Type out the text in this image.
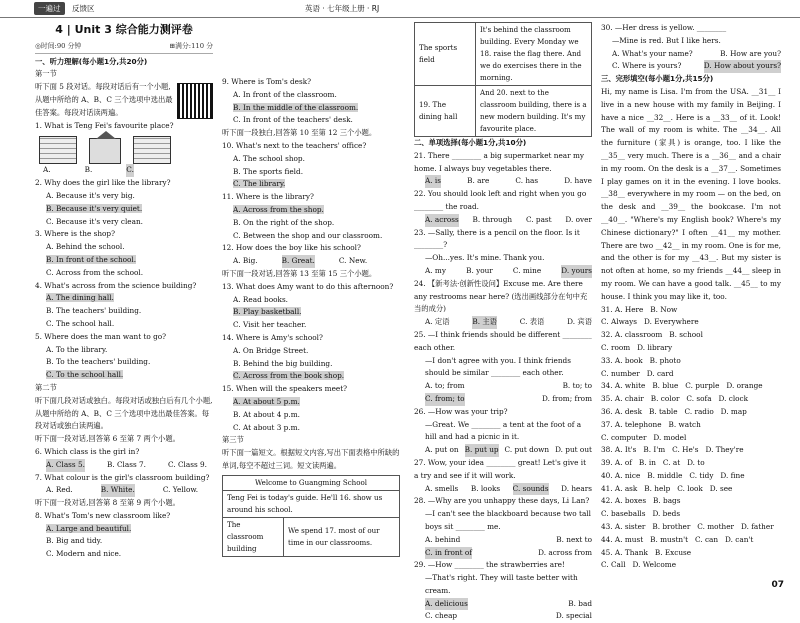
一遍过	反馈区	英语 · 七年级上册 · RJ
4 | Unit 3 综合能力测评卷
◎时间:90 分钟	⊞满分:110 分
一、听力理解(每小题1分,共20分)
第一节
听下面 5 段对话。每段对话后有一个小题,从题中所给的 A、B、C 三个选项中选出最佳答案。每段对话读两遍。
1. What is Teng Fei's favourite place?
A.	B.	C.
2. Why does the girl like the library?
A. Because it's very big.
B. Because it's very quiet.
C. Because it's very clean.
3. Where is the shop?
A. Behind the school.
B. In front of the school.
C. Across from the school.
4. What's across from the science building?
A. The dining hall.
B. The teachers' building.
C. The school hall.
5. Where does the man want to go?
A. To the library.
B. To the teachers' building.
C. To the school hall.
第二节
听下面几段对话或独白。每段对话或独白后有几个小题,从题中所给的 A、B、C 三个选项中选出最佳答案。每段对话或独白读两遍。
听下面一段对话,回答第 6 至第 7 两个小题。
6. Which class is the girl in?
A. Class 5.	B. Class 7.	C. Class 9.
7. What colour is the girl's classroom building?
A. Red.	B. White.	C. Yellow.
听下面一段对话,回答第 8 至第 9 两个小题。
8. What's Tom's new classroom like?
A. Large and beautiful.
B. Big and tidy.
C. Modern and nice.
9. Where is Tom's desk?
A. In front of the classroom.
B. In the middle of the classroom.
C. In front of the teachers' desk.
听下面一段独白,回答第 10 至第 12 三个小题。
10. What's next to the teachers' office?
A. The school shop.
B. The sports field.
C. The library.
11. Where is the library?
A. Across from the shop.
B. On the right of the shop.
C. Between the shop and our classroom.
12. How does the boy like his school?
A. Big.	B. Great.	C. New.
听下面一段对话,回答第 13 至第 15 三个小题。
13. What does Amy want to do this afternoon?
A. Read books.
B. Play basketball.
C. Visit her teacher.
14. Where is Amy's school?
A. On Bridge Street.
B. Behind the big building.
C. Across from the book shop.
15. When will the speakers meet?
A. At about 5 p.m.
B. At about 4 p.m.
C. At about 3 p.m.
第三节
听下面一篇短文。根据短文内容,写出下面表格中所缺的单词,每空不超过三词。短文读两遍。
Welcome to Guangming School
Teng Fei is today's guide. He'll 16. show us around his school.
The classroom building	We spend 17. most of our time in our classrooms.
The sports field	It's behind the classroom building. Every Monday we 18. raise the flag there. And we do exercises there in the morning.
19. The dining hall	And 20. next to the classroom building, there is a new modern building. It's my favourite place.
二、单项选择(每小题1分,共10分)
21. There ________ a big supermarket near my home. I always buy vegetables there.
A. is	B. are	C. has	D. have
22. You should look left and right when you go ________ the road.
A. across B. through C. past D. over
23. —Sally, there is a pencil on the floor. Is it ________?
—Oh...yes. It's mine. Thank you.
A. my	B. your	C. mine	D. yours
24. 【新考法·创新性设问】Excuse me. Are there any restrooms near here? (选出画线部分在句中充当的成分)
A. 定语	B. 主语	C. 表语	D. 宾语
25. —I think friends should be different ________ each other.
—I don't agree with you. I think friends should be similar ________ each other.
A. to; from	B. to; to
C. from; to	D. from; from
26. —How was your trip?
—Great. We ________ a tent at the foot of a hill and had a picnic in it.
A. put on B. put up C. put down D. put out
27. Wow, your idea ________ great! Let's give it a try and see if it will work.
A. smells B. looks C. sounds D. hears
28. —Why are you unhappy these days, Li Lan?
—I can't see the blackboard because two tall boys sit ________ me.
A. behind	B. next to
C. in front of	D. across from
29. —How ________ the strawberries are!
—That's right. They will taste better with cream.
A. delicious	B. bad
C. cheap	D. special
30. —Her dress is yellow. ________
—Mine is red. But I like hers.
A. What's your name?	B. How are you?
C. Where is yours?	D. How about yours?
三、完形填空(每小题1分,共15分)
Hi, my name is Lisa. I'm from the USA. __31__ I live in a new house with my family in Beijing. I have a nice __32__. Here is a __33__ of it. Look! The wall of my room is white. The __34__. All the furniture (家具) is orange, too. I like the __35__ very much. There is a __36__ and a chair in my room. On the desk is a __37__. Sometimes I play games on it in the evening. I love books. __38__ everywhere in my room — on the bed, on the desk and __39__ the bookcase. I'm not __40__. "Where's my English book? Where's my Chinese dictionary?" I often __41__ my mother. There are two __42__ in my room. One is for me, and the other is for my __43__. But my sister is not often at home, so my friends __44__ sleep in my room. We can have a good talk. __45__ to my house. I think you may like it, too.
31. A. Here   B. Now
C. Always   D. Everywhere
32. A. classroom   B. school
C. room   D. library
33. A. book   B. photo
C. number   D. card
34. A. white   B. blue   C. purple   D. orange
35. A. chair   B. color   C. sofa   D. clock
36. A. desk   B. table   C. radio   D. map
37. A. telephone   B. watch
C. computer   D. model
38. A. It's   B. I'm   C. He's   D. They're
39. A. of   B. in   C. at   D. to
40. A. nice   B. middle   C. tidy   D. fine
41. A. ask   B. help   C. look   D. see
42. A. boxes   B. bags
C. baseballs   D. beds
43. A. sister   B. brother   C. mother   D. father
44. A. must   B. mustn't   C. can   D. can't
45. A. Thank   B. Excuse
C. Call   D. Welcome
07
